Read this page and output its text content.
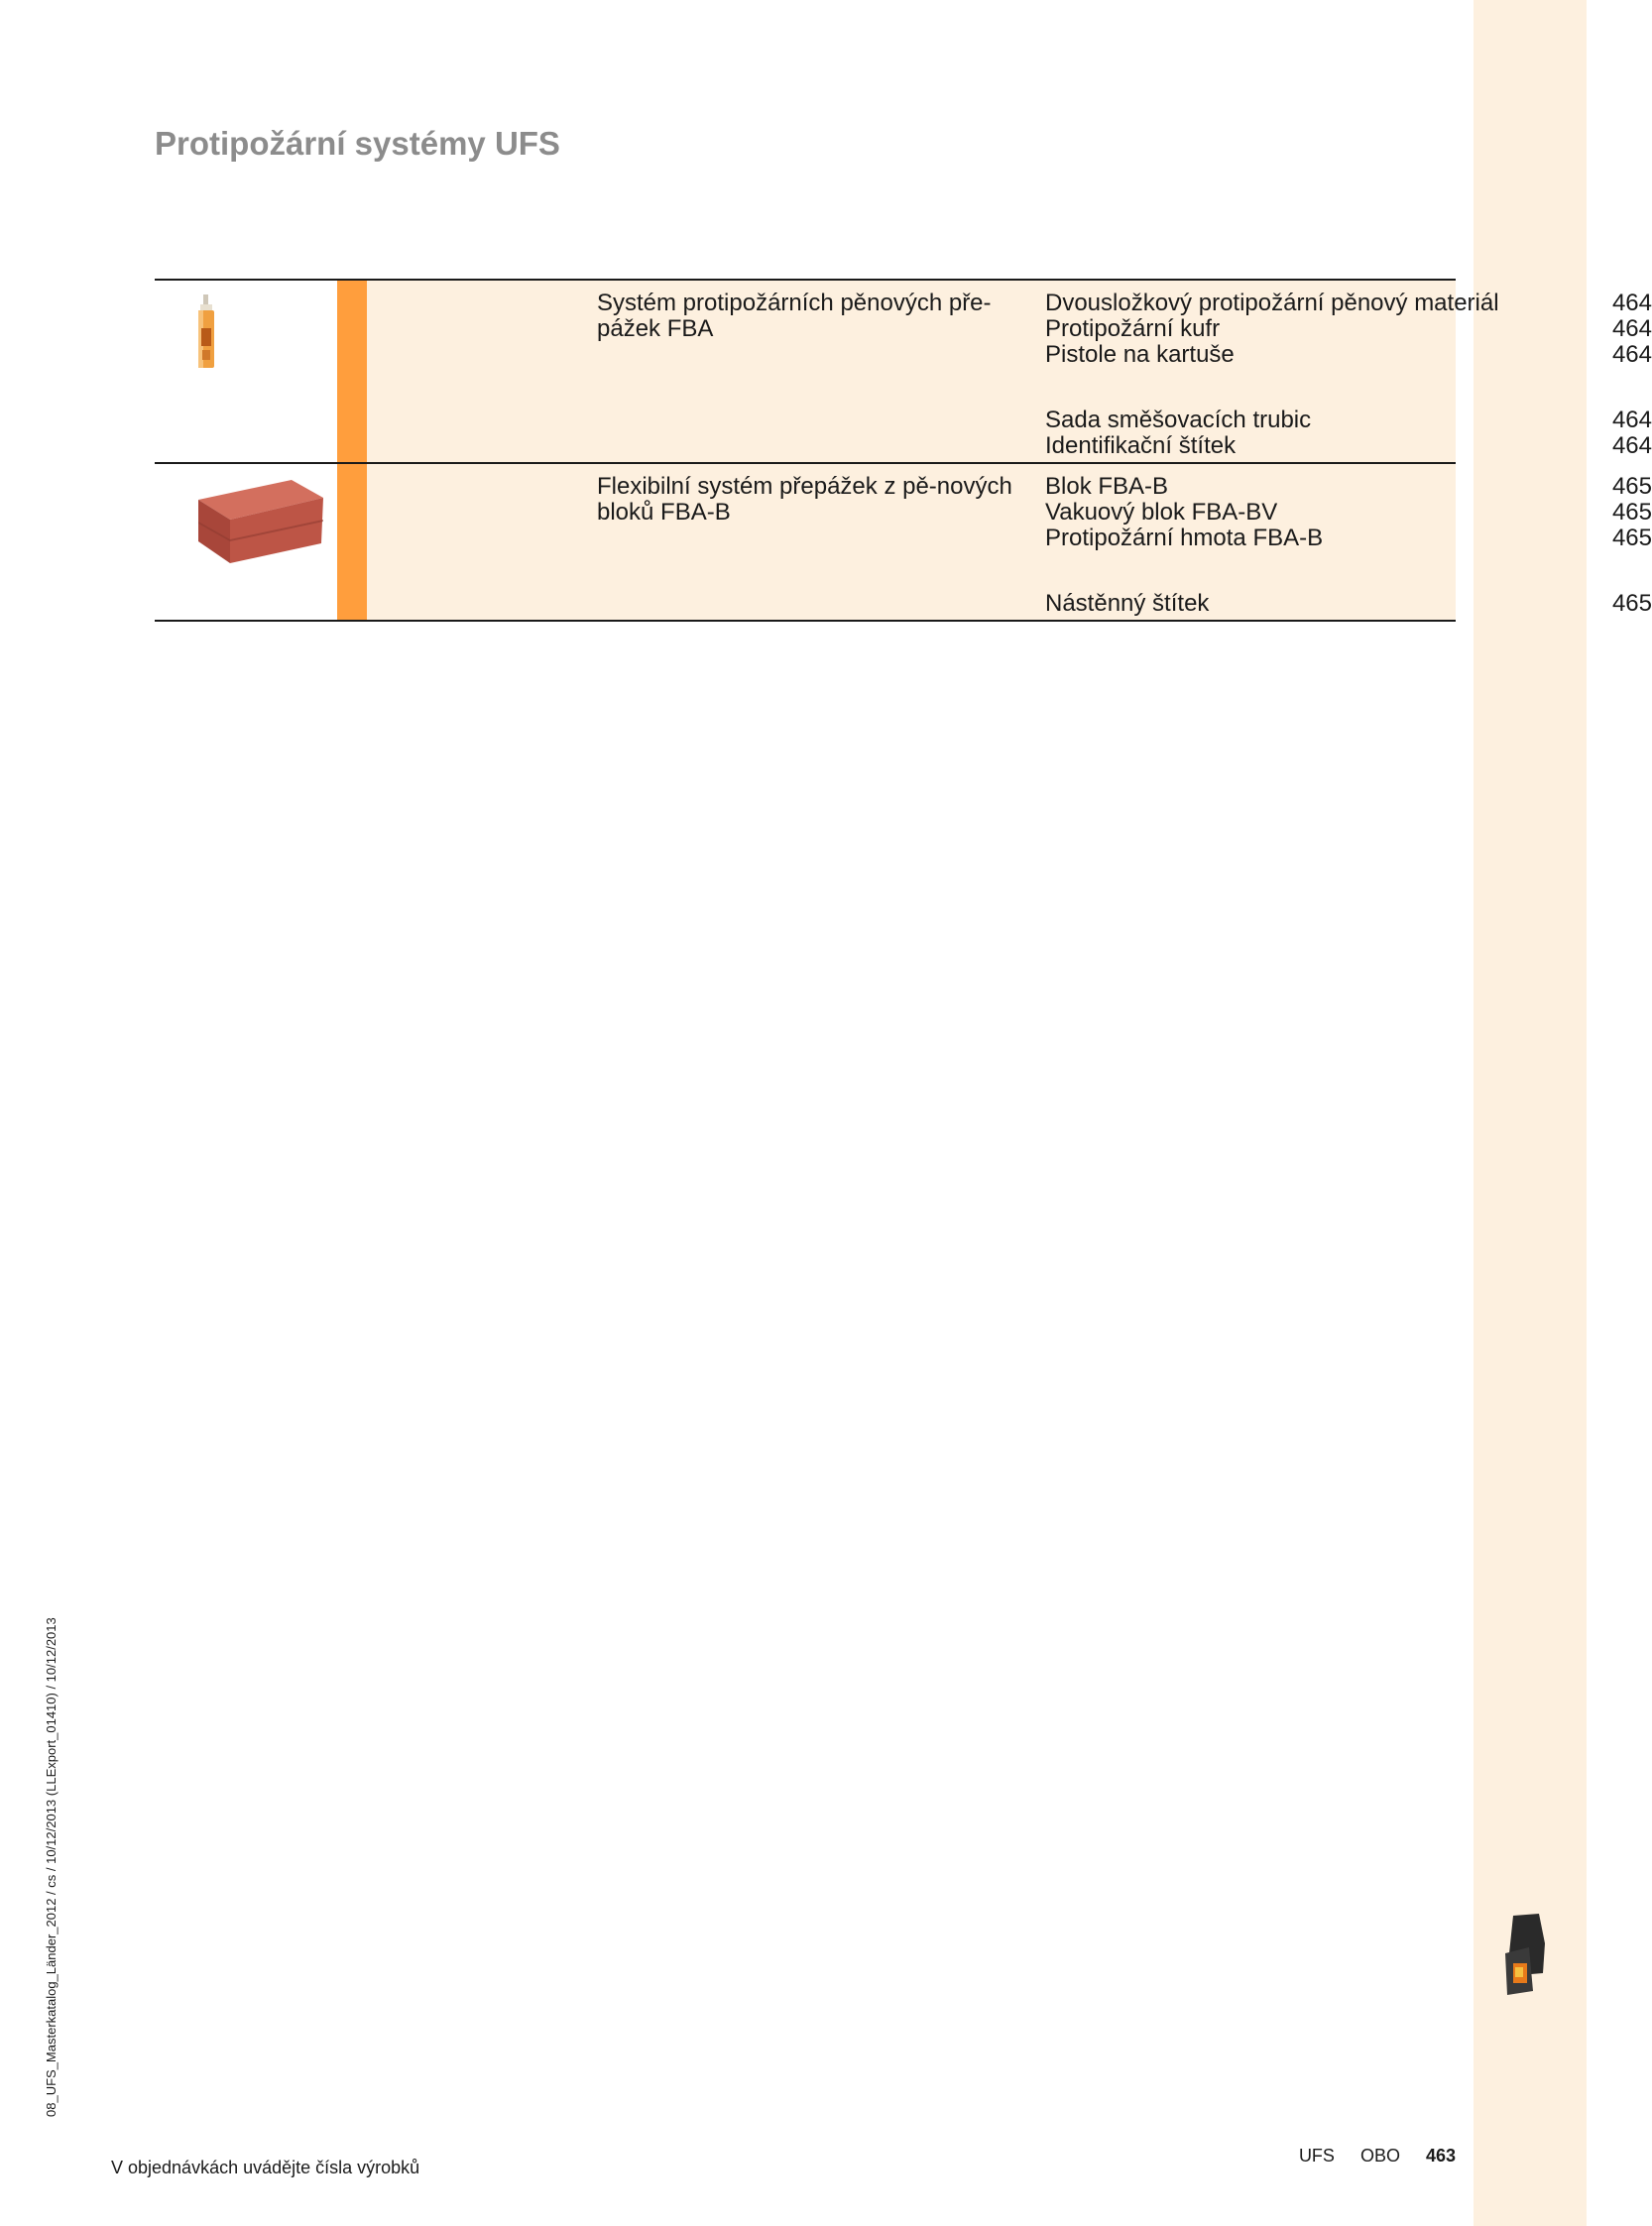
Protipožární systémy UFS
Systém protipožárních pěnových pře-pážek FBA
Dvousložkový protipožární pěnový materiál	464
Protipožární kufr	464
Pistole na kartuše	464
Sada směšovacích trubic	464
Identifikační štítek	464
Flexibilní systém přepážek z pě-nových bloků FBA-B
Blok FBA-B	465
Vakuový blok FBA-BV	465
Protipožární hmota FBA-B	465
Nástěnný štítek	465
08_UFS_Masterkatalog_Länder_2012 / cs / 10/12/2013 (LLExport_01410) / 10/12/2013
V objednávkách uvádějte čísla výrobků
UFS OBO 463
